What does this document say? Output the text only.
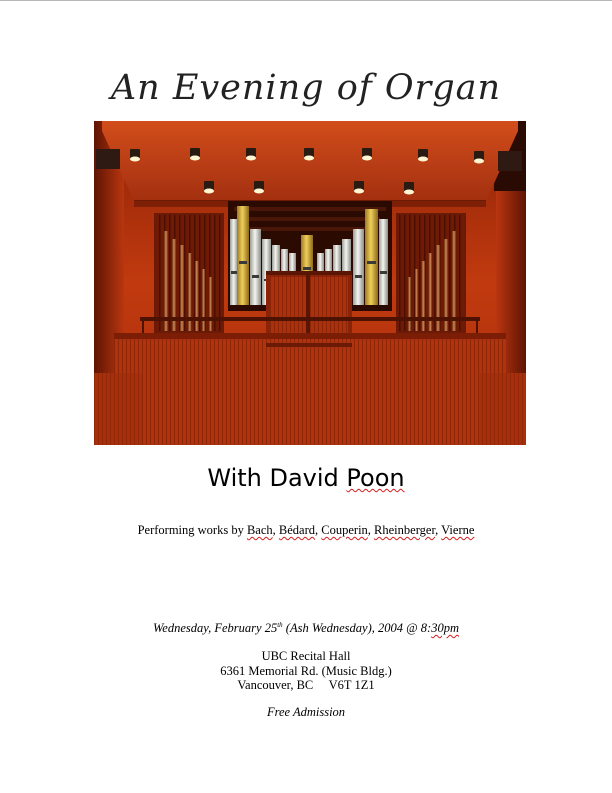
An Evening of Organ
With David Poon
Performing works by Bach, Bédard, Couperin, Rheinberger, Vierne
Wednesday, February 25th (Ash Wednesday), 2004 @ 8:30pm
UBC Recital Hall
6361 Memorial Rd. (Music Bldg.)
Vancouver, BC     V6T 1Z1
Free Admission
